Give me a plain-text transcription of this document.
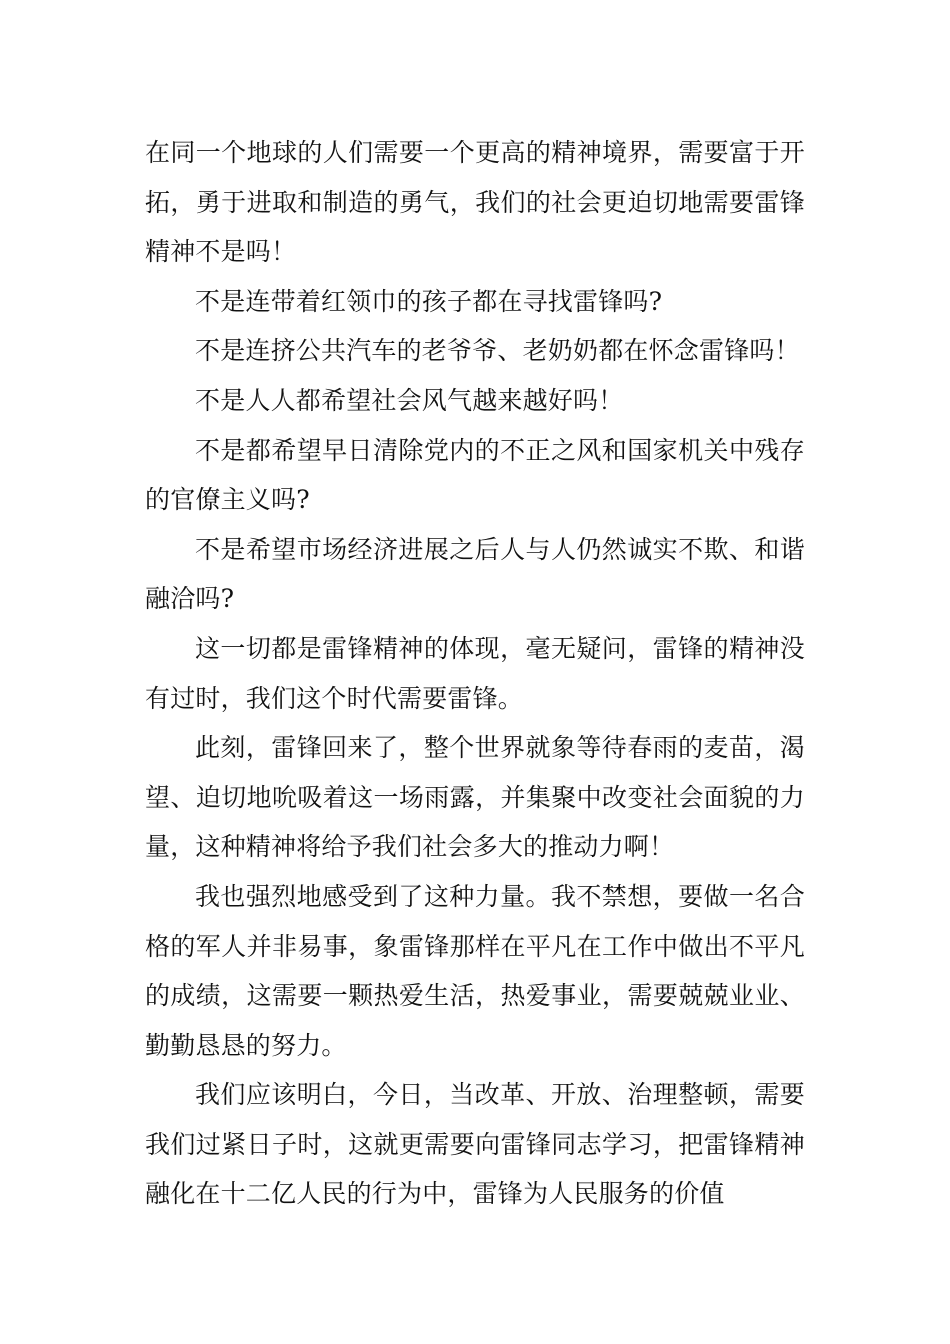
在同一个地球的人们需要一个更高的精神境界，需要富于开拓，勇于进取和制造的勇气，我们的社会更迫切地需要雷锋精神不是吗！

不是连带着红领巾的孩子都在寻找雷锋吗?

不是连挤公共汽车的老爷爷、老奶奶都在怀念雷锋吗！

不是人人都希望社会风气越来越好吗！

不是都希望早日清除党内的不正之风和国家机关中残存的官僚主义吗?

不是希望市场经济进展之后人与人仍然诚实不欺、和谐融洽吗?

这一切都是雷锋精神的体现，毫无疑问，雷锋的精神没有过时，我们这个时代需要雷锋。

此刻，雷锋回来了，整个世界就象等待春雨的麦苗，渴望、迫切地吮吸着这一场雨露，并集聚中改变社会面貌的力量，这种精神将给予我们社会多大的推动力啊！

我也强烈地感受到了这种力量。我不禁想，要做一名合格的军人并非易事，象雷锋那样在平凡在工作中做出不平凡的成绩，这需要一颗热爱生活，热爱事业，需要兢兢业业、勤勤恳恳的努力。

我们应该明白，今日，当改革、开放、治理整顿，需要我们过紧日子时，这就更需要向雷锋同志学习，把雷锋精神融化在十二亿人民的行为中，雷锋为人民服务的价值
